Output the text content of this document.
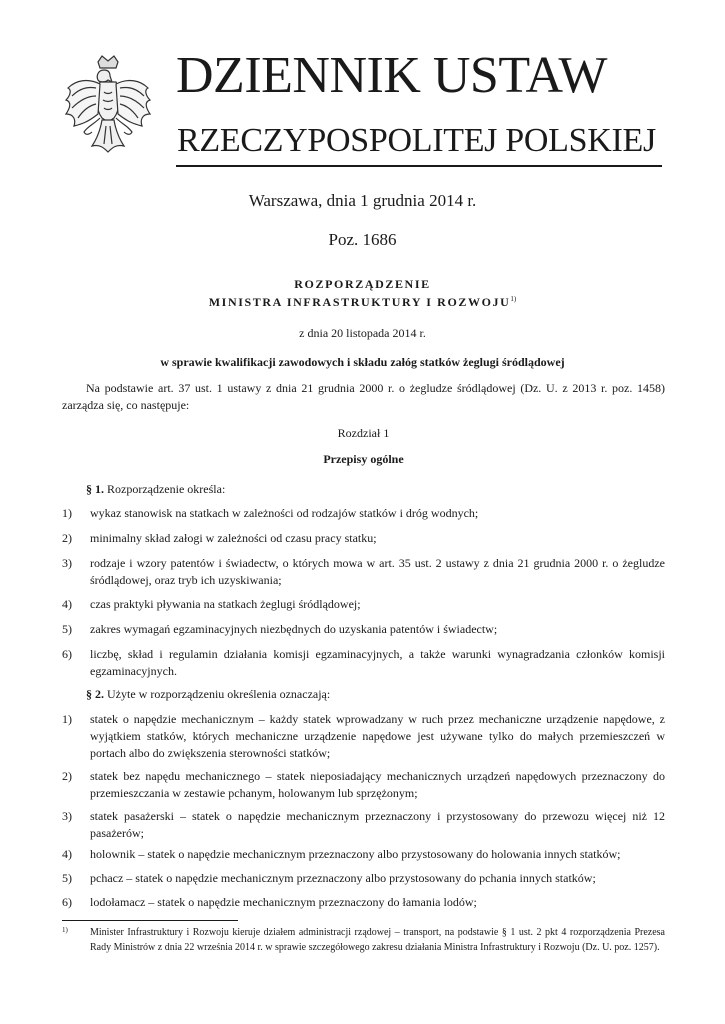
DZIENNIK USTAW
RZECZYPOSPOLITEJ POLSKIEJ
Warszawa, dnia 1 grudnia 2014 r.
Poz. 1686
ROZPORZĄDZENIE
MINISTRA INFRASTRUKTURY I ROZWOJU$^{1)}$
z dnia 20 listopada 2014 r.
w sprawie kwalifikacji zawodowych i składu załóg statków żeglugi śródlądowej
Na podstawie art. 37 ust. 1 ustawy z dnia 21 grudnia 2000 r. o żegludze śródlądowej (Dz. U. z 2013 r. poz. 1458) zarządza się, co następuje:
Rozdział 1
Przepisy ogólne
§ 1. Rozporządzenie określa:
1)	wykaz stanowisk na statkach w zależności od rodzajów statków i dróg wodnych;
2)	minimalny skład załogi w zależności od czasu pracy statku;
3)	rodzaje i wzory patentów i świadectw, o których mowa w art. 35 ust. 2 ustawy z dnia 21 grudnia 2000 r. o żegludze śródlądowej, oraz tryb ich uzyskiwania;
4)	czas praktyki pływania na statkach żeglugi śródlądowej;
5)	zakres wymagań egzaminacyjnych niezbędnych do uzyskania patentów i świadectw;
6)	liczbę, skład i regulamin działania komisji egzaminacyjnych, a także warunki wynagradzania członków komisji egzaminacyjnych.
§ 2. Użyte w rozporządzeniu określenia oznaczają:
1)	statek o napędzie mechanicznym – każdy statek wprowadzany w ruch przez mechaniczne urządzenie napędowe, z wyjątkiem statków, których mechaniczne urządzenie napędowe jest używane tylko do małych przemieszczeń w portach albo do zwiększenia sterowności statków;
2)	statek bez napędu mechanicznego – statek nieposiadający mechanicznych urządzeń napędowych przeznaczony do przemieszczania w zestawie pchanym, holowanym lub sprzężonym;
3)	statek pasażerski – statek o napędzie mechanicznym przeznaczony i przystosowany do przewozu więcej niż 12 pasażerów;
4)	holownik – statek o napędzie mechanicznym przeznaczony albo przystosowany do holowania innych statków;
5)	pchacz – statek o napędzie mechanicznym przeznaczony albo przystosowany do pchania innych statków;
6)	lodołamacz – statek o napędzie mechanicznym przeznaczony do łamania lodów;
1) Minister Infrastruktury i Rozwoju kieruje działem administracji rządowej – transport, na podstawie § 1 ust. 2 pkt 4 rozporządzenia Prezesa Rady Ministrów z dnia 22 września 2014 r. w sprawie szczegółowego zakresu działania Ministra Infrastruktury i Rozwoju (Dz. U. poz. 1257).
